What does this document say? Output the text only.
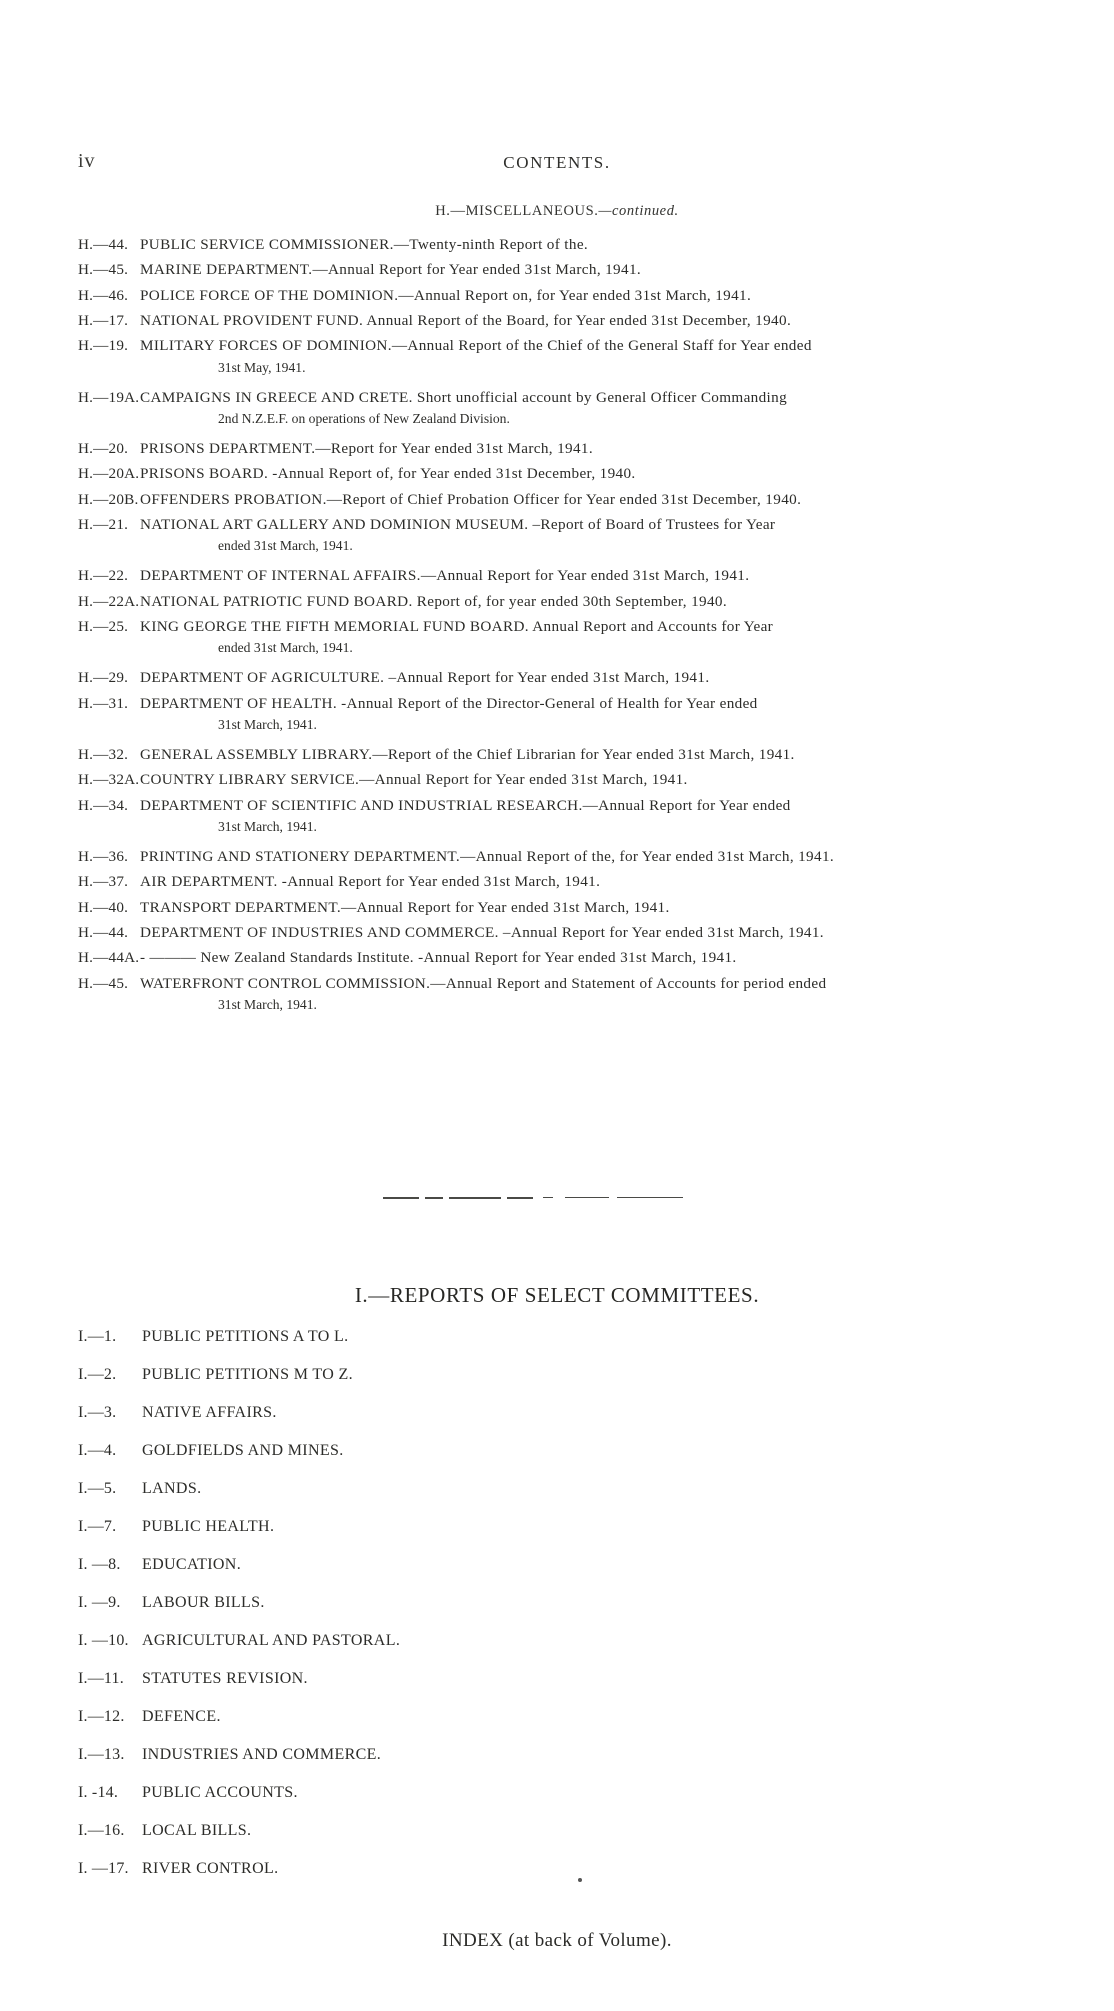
iv	CONTENTS.
H.—MISCELLANEOUS.—continued.
H.—44. PUBLIC SERVICE COMMISSIONER.—Twenty-ninth Report of the.
H.—45. MARINE DEPARTMENT.—Annual Report for Year ended 31st March, 1941.
H.—46. POLICE FORCE OF THE DOMINION.—Annual Report on, for Year ended 31st March, 1941.
H.—17. NATIONAL PROVIDENT FUND. Annual Report of the Board, for Year ended 31st December, 1940.
H.—19. MILITARY FORCES OF DOMINION.—Annual Report of the Chief of the General Staff for Year ended
31st May, 1941.
H.—19A.CAMPAIGNS IN GREECE AND CRETE. Short unofficial account by General Officer Commanding
2nd N.Z.E.F. on operations of New Zealand Division.
H.—20. PRISONS DEPARTMENT.—Report for Year ended 31st March, 1941.
H.—20A.PRISONS BOARD. -Annual Report of, for Year ended 31st December, 1940.
H.—20B. OFFENDERS PROBATION.—Report of Chief Probation Officer for Year ended 31st December, 1940.
H.—21. NATIONAL ART GALLERY AND DOMINION MUSEUM. –Report of Board of Trustees for Year
ended 31st March, 1941.
H.—22. DEPARTMENT OF INTERNAL AFFAIRS.—Annual Report for Year ended 31st March, 1941.
H.—22A.NATIONAL PATRIOTIC FUND BOARD. Report of, for year ended 30th September, 1940.
H.—25. KING GEORGE THE FIFTH MEMORIAL FUND BOARD. Annual Report and Accounts for Year
ended 31st March, 1941.
H.—29. DEPARTMENT OF AGRICULTURE. –Annual Report for Year ended 31st March, 1941.
H.—31. DEPARTMENT OF HEALTH. -Annual Report of the Director-General of Health for Year ended
31st March, 1941.
H.—32. GENERAL ASSEMBLY LIBRARY.—Report of the Chief Librarian for Year ended 31st March, 1941.
H.—32A.COUNTRY LIBRARY SERVICE.—Annual Report for Year ended 31st March, 1941.
H.—34. DEPARTMENT OF SCIENTIFIC AND INDUSTRIAL RESEARCH.—Annual Report for Year ended
31st March, 1941.
H.—36. PRINTING AND STATIONERY DEPARTMENT.—Annual Report of the, for Year ended 31st March, 1941.
H.—37. AIR DEPARTMENT. -Annual Report for Year ended 31st March, 1941.
H.—40. TRANSPORT DEPARTMENT.—Annual Report for Year ended 31st March, 1941.
H.—44. DEPARTMENT OF INDUSTRIES AND COMMERCE. –Annual Report for Year ended 31st March, 1941.
H.—44A.- ——— New Zealand Standards Institute. -Annual Report for Year ended 31st March, 1941.
H.—45. WATERFRONT CONTROL COMMISSION.—Annual Report and Statement of Accounts for period ended
31st March, 1941.
I.—REPORTS OF SELECT COMMITTEES.
I.—1. PUBLIC PETITIONS A TO L.
I.—2. PUBLIC PETITIONS M TO Z.
I.—3. NATIVE AFFAIRS.
I.—4. GOLDFIELDS AND MINES.
I.—5. LANDS.
I.—7. PUBLIC HEALTH.
I. —8. EDUCATION.
I. —9. LABOUR BILLS.
I. —10. AGRICULTURAL AND PASTORAL.
I.—11. STATUTES REVISION.
I.—12. DEFENCE.
I.—13. INDUSTRIES AND COMMERCE.
I. -14. PUBLIC ACCOUNTS.
I.—16. LOCAL BILLS.
I. —17. RIVER CONTROL.
INDEX (at back of Volume).
